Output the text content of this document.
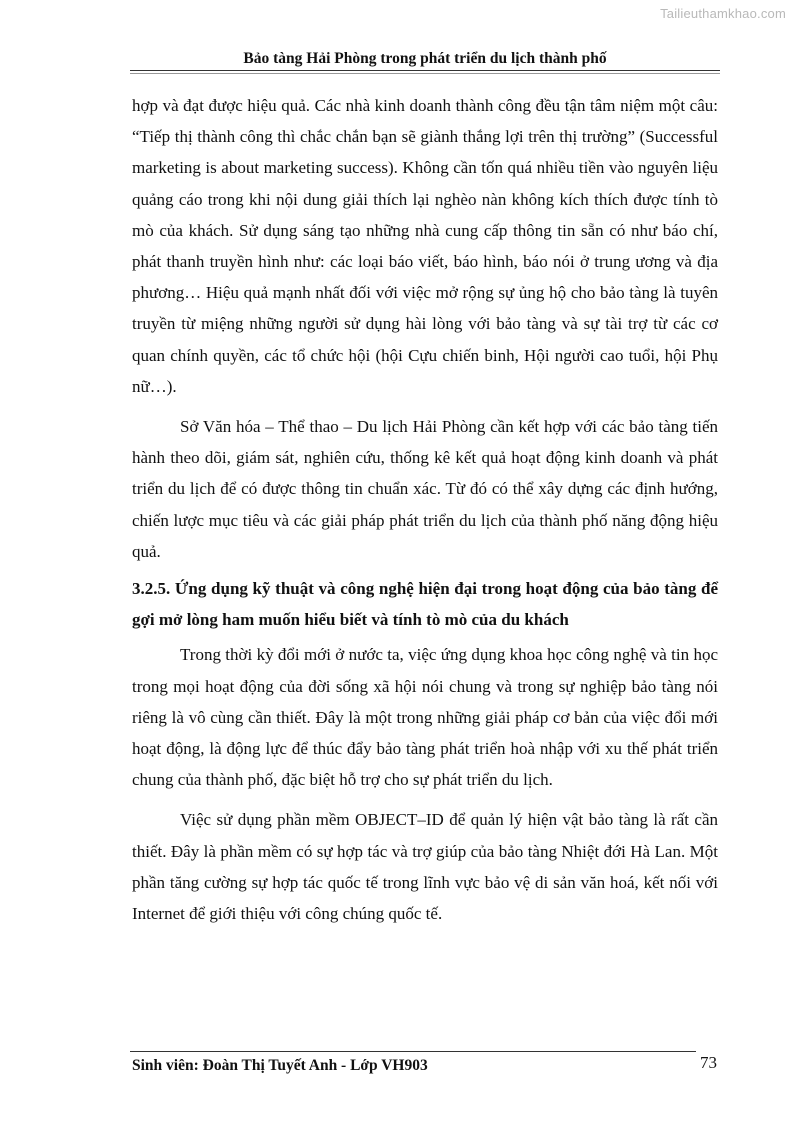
Tailieuthamkhao.com
Bảo tàng Hải Phòng trong phát triển du lịch thành phố

hợp và đạt được hiệu quả. Các nhà kinh doanh thành công đều tận tâm niệm một câu: “Tiếp thị thành công thì chắc chắn bạn sẽ giành thắng lợi trên thị trường” (Successful marketing is about marketing success). Không cần tốn quá nhiều tiền vào nguyên liệu quảng cáo trong khi nội dung giải thích lại nghèo nàn không kích thích được tính tò mò của khách. Sử dụng sáng tạo những nhà cung cấp thông tin sẵn có như báo chí, phát thanh truyền hình như: các loại báo viết, báo hình, báo nói ở trung ương và địa phương… Hiệu quả mạnh nhất đối với việc mở rộng sự ủng hộ cho bảo tàng là tuyên truyền từ miệng những người sử dụng hài lòng với bảo tàng và sự tài trợ từ các cơ quan chính quyền, các tổ chức hội (hội Cựu chiến binh, Hội người cao tuổi, hội Phụ nữ…).

Sở Văn hóa – Thể thao – Du lịch Hải Phòng cần kết hợp với các bảo tàng tiến hành theo dõi, giám sát, nghiên cứu, thống kê kết quả hoạt động kinh doanh và phát triển du lịch để có được thông tin chuẩn xác. Từ đó có thể xây dựng các định hướng, chiến lược mục tiêu và các giải pháp phát triển du lịch của thành phố năng động hiệu quả.

3.2.5. Ứng dụng kỹ thuật và công nghệ hiện đại trong hoạt động của bảo tàng để gợi mở lòng ham muốn hiểu biết và tính tò mò của du khách

Trong thời kỳ đổi mới ở nước ta, việc ứng dụng khoa học công nghệ và tin học trong mọi hoạt động của đời sống xã hội nói chung và trong sự nghiệp bảo tàng nói riêng là vô cùng cần thiết. Đây là một trong những giải pháp cơ bản của việc đổi mới hoạt động, là động lực để thúc đẩy bảo tàng phát triển hoà nhập với xu thế phát triển chung của thành phố, đặc biệt hỗ trợ cho sự phát triển du lịch.

Việc sử dụng phần mềm OBJECT–ID để quản lý hiện vật bảo tàng là rất cần thiết. Đây là phần mềm có sự hợp tác và trợ giúp của bảo tàng Nhiệt đới Hà Lan. Một phần tăng cường sự hợp tác quốc tế trong lĩnh vực bảo vệ di sản văn hoá, kết nối với Internet để giới thiệu với công chúng quốc tế.

Sinh viên: Đoàn Thị Tuyết Anh - Lớp VH903	73
